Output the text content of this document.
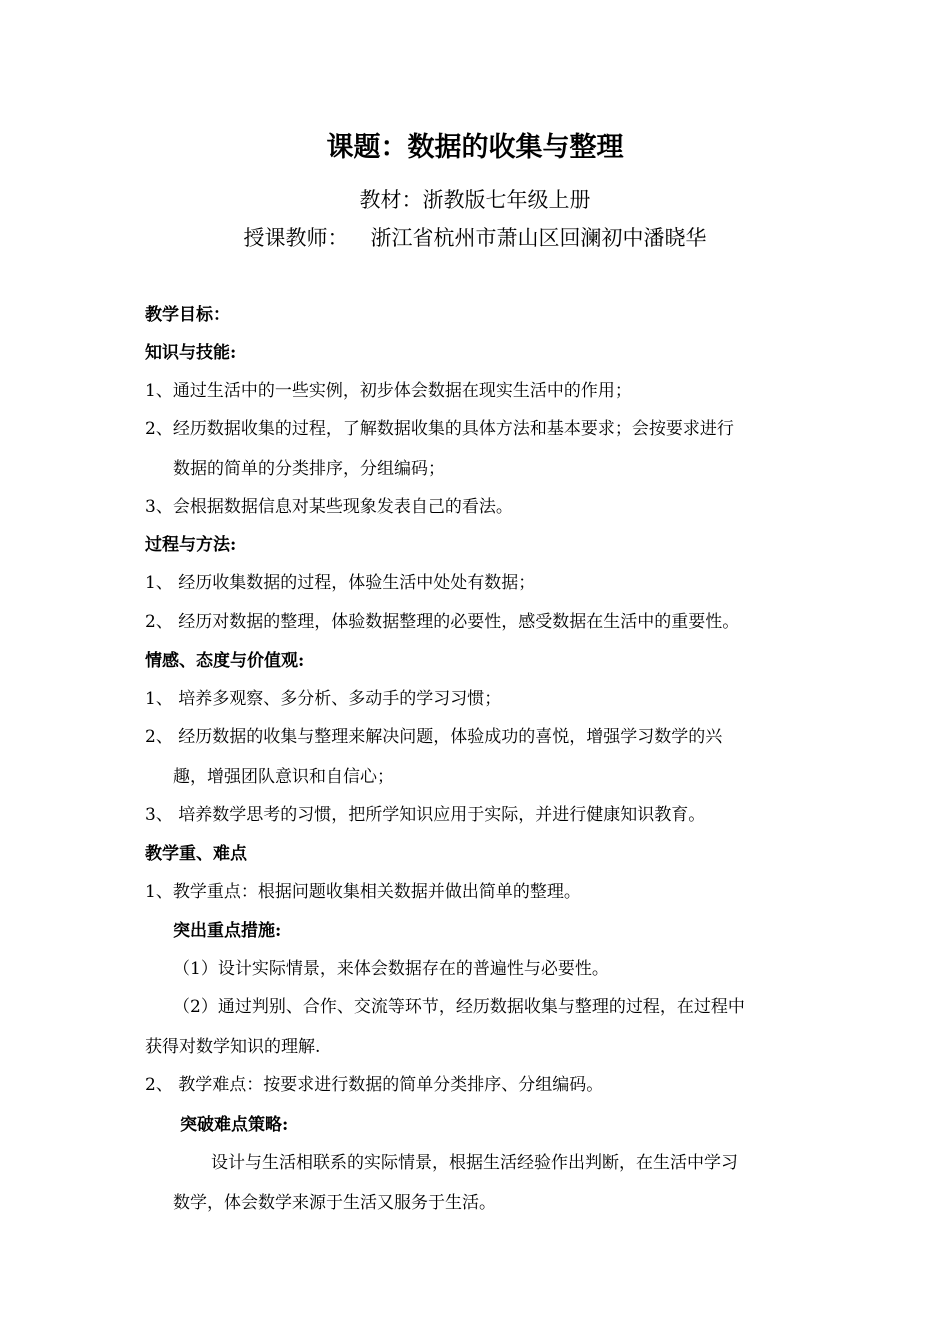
课题：数据的收集与整理
教材：浙教版七年级上册
授课教师： 浙江省杭州市萧山区回澜初中潘晓华
教学目标：
知识与技能:
1、通过生活中的一些实例，初步体会数据在现实生活中的作用；
2、经历数据收集的过程，了解数据收集的具体方法和基本要求；会按要求进行
数据的简单的分类排序，分组编码；
3、会根据数据信息对某些现象发表自己的看法。
过程与方法:
1、 经历收集数据的过程，体验生活中处处有数据；
2、 经历对数据的整理，体验数据整理的必要性，感受数据在生活中的重要性。
情感、态度与价值观:
1、 培养多观察、多分析、多动手的学习习惯；
2、 经历数据的收集与整理来解决问题，体验成功的喜悦，增强学习数学的兴
趣，增强团队意识和自信心；
3、 培养数学思考的习惯，把所学知识应用于实际，并进行健康知识教育。
教学重、难点
1、教学重点：根据问题收集相关数据并做出简单的整理。
突出重点措施:
（1）设计实际情景，来体会数据存在的普遍性与必要性。
（2）通过判别、合作、交流等环节，经历数据收集与整理的过程，在过程中
获得对数学知识的理解.
2、 教学难点：按要求进行数据的简单分类排序、分组编码。
突破难点策略:
设计与生活相联系的实际情景，根据生活经验作出判断，在生活中学习
数学，体会数学来源于生活又服务于生活。
